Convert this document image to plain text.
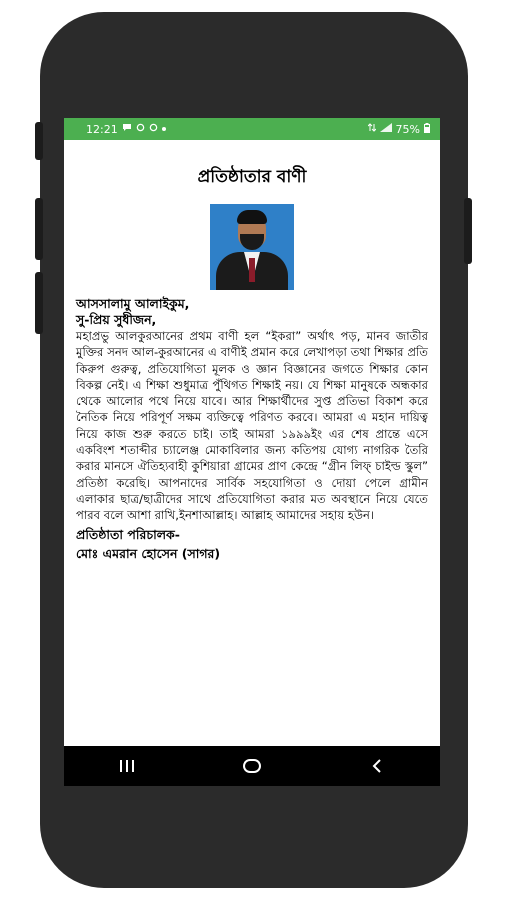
12:21	75%
প্রতিষ্ঠাতার বাণী

আসসালামু আলাইকুম,

সু-প্রিয় সুধীজন,

মহাপ্রভু আলকুরআনের প্রথম বাণী হল “ইকরা” অর্থাৎ পড়, মানব জাতীর মুক্তির সনদ আল-কুরআনের এ বাণীই প্রমান করে লেখাপড়া তথা শিক্ষার প্রতি কিরুপ গুরুত্ব, প্রতিযোগিতা মূলক ও জ্ঞান বিজ্ঞানের জগতে শিক্ষার কোন বিকল্প নেই। এ শিক্ষা শুধুমাত্র পুঁথিগত শিক্ষাই নয়। যে শিক্ষা মানুষকে অন্ধকার থেকে আলোর পথে নিয়ে যাবে। আর শিক্ষার্থীদের সুপ্ত প্রতিভা বিকাশ করে নৈতিক নিয়ে পরিপূর্ণ সক্ষম ব্যক্তিত্বে পরিণত করবে। আমরা এ মহান দায়িত্ব নিয়ে কাজ শুরু করতে চাই। তাই আমরা ১৯৯৯ইং এর শেষ প্রান্তে এসে একবিংশ শতাব্দীর চ্যালেঞ্জ মোকাবিলার জন্য কতিপয় যোগ্য নাগরিক তৈরি করার মানসে ঐতিহ্যবাহী কুশিয়ারা গ্রামের প্রাণ কেন্দ্রে “গ্রীন লিফ্ চাইল্ড স্কুল” প্রতিষ্ঠা করেছি। আপনাদের সার্বিক সহযোগিতা ও দোয়া পেলে গ্রামীন এলাকার ছাত্র/ছাত্রীদের সাথে প্রতিযোগিতা করার মত অবস্থানে নিয়ে যেতে পারব বলে আশা রাখি,ইনশাআল্লাহ। আল্লাহ আমাদের সহায় হউন।

প্রতিষ্ঠাতা পরিচালক-

মোঃ এমরান হোসেন (সাগর)
